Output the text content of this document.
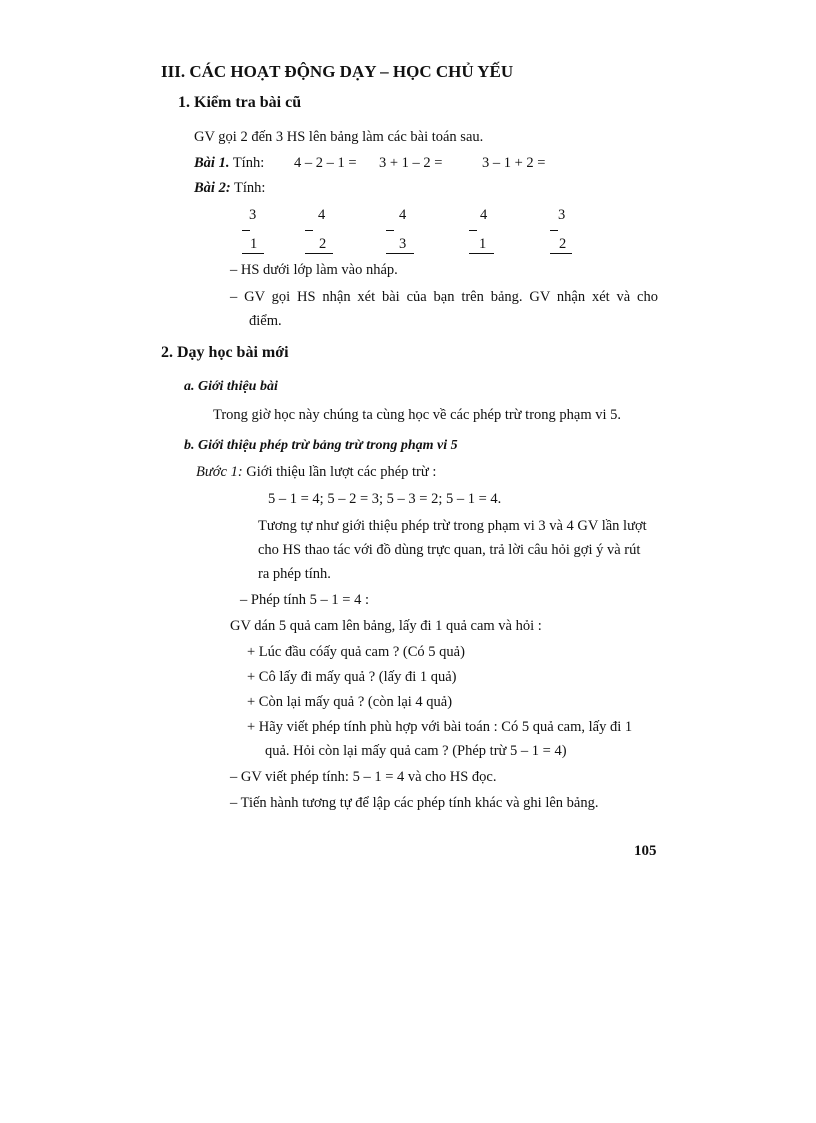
III. CÁC HOẠT ĐỘNG DẠY – HỌC CHỦ YẾU
1. Kiểm tra bài cũ
GV gọi 2 đến 3 HS lên bảng làm các bài toán sau.
Bài 1. Tính: 4 – 2 – 1 = 3 + 1 – 2 =	3 – 1 + 2 =
Bài 2: Tính:
3
1
4
2
4
3
4
1
3
2
– HS dưới lớp làm vào nháp.
– GV gọi HS nhận xét bài của bạn trên bảng. GV nhận xét và cho
điểm.
2. Dạy học bài mới
a. Giới thiệu bài
Trong giờ học này chúng ta cùng học về các phép trừ trong phạm vi 5.
b. Giới thiệu phép trừ bảng trừ trong phạm vi 5
Bước 1: Giới thiệu lần lượt các phép trừ :
5 – 1 = 4; 5 – 2 = 3; 5 – 3 = 2; 5 – 1 = 4.
Tương tự như giới thiệu phép trừ trong phạm vi 3 và 4 GV lần lượt
cho HS thao tác với đồ dùng trực quan, trả lời câu hỏi gợi ý và rút
ra phép tính.
– Phép tính 5 – 1 = 4 :
GV dán 5 quả cam lên bảng, lấy đi 1 quả cam và hỏi :
+ Lúc đầu cóấy quả cam ? (Có 5 quả)
+ Cô lấy đi mấy quả ? (lấy đi 1 quả)
+ Còn lại mấy quả ? (còn lại 4 quả)
+ Hãy viết phép tính phù hợp với bài toán : Có 5 quả cam, lấy đi 1
quả. Hỏi còn lại mấy quả cam ? (Phép trừ 5 – 1 = 4)
– GV viết phép tính: 5 – 1 = 4 và cho HS đọc.
– Tiến hành tương tự để lập các phép tính khác và ghi lên bảng.
105
